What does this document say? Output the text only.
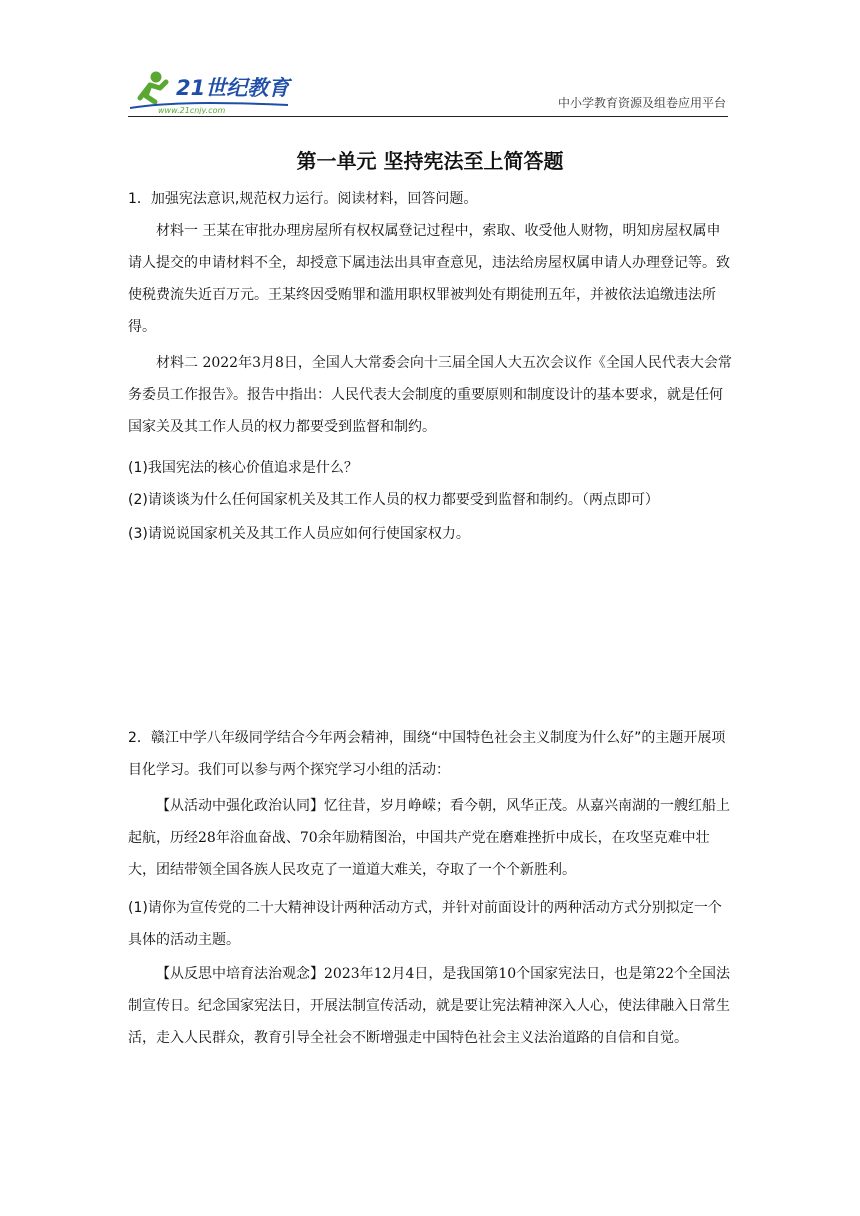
21世纪教育
www.21cnjy.com
中小学教育资源及组卷应用平台
第一单元 坚持宪法至上简答题

1．加强宪法意识,规范权力运行。阅读材料，回答问题。

材料一 王某在审批办理房屋所有权权属登记过程中，索取、收受他人财物，明知房屋权属申请人提交的申请材料不全，却授意下属违法出具审查意见，违法给房屋权属申请人办理登记等。致使税费流失近百万元。王某终因受贿罪和滥用职权罪被判处有期徒刑五年，并被依法追缴违法所得。

材料二 2022年3月8日，全国人大常委会向十三届全国人大五次会议作《全国人民代表大会常务委员工作报告》。报告中指出：人民代表大会制度的重要原则和制度设计的基本要求，就是任何国家关及其工作人员的权力都要受到监督和制约。

(1)我国宪法的核心价值追求是什么？

(2)请谈谈为什么任何国家机关及其工作人员的权力都要受到监督和制约。（两点即可）

(3)请说说国家机关及其工作人员应如何行使国家权力。

2．赣江中学八年级同学结合今年两会精神，围绕“中国特色社会主义制度为什么好”的主题开展项目化学习。我们可以参与两个探究学习小组的活动：

【从活动中强化政治认同】忆往昔，岁月峥嵘；看今朝，风华正茂。从嘉兴南湖的一艘红船上起航，历经28年浴血奋战、70余年励精图治，中国共产党在磨难挫折中成长，在攻坚克难中壮大，团结带领全国各族人民攻克了一道道大难关，夺取了一个个新胜利。

(1)请你为宣传党的二十大精神设计两种活动方式，并针对前面设计的两种活动方式分别拟定一个具体的活动主题。

【从反思中培育法治观念】2023年12月4日，是我国第10个国家宪法日，也是第22个全国法制宣传日。纪念国家宪法日，开展法制宣传活动，就是要让宪法精神深入人心，使法律融入日常生活，走入人民群众，教育引导全社会不断增强走中国特色社会主义法治道路的自信和自觉。
